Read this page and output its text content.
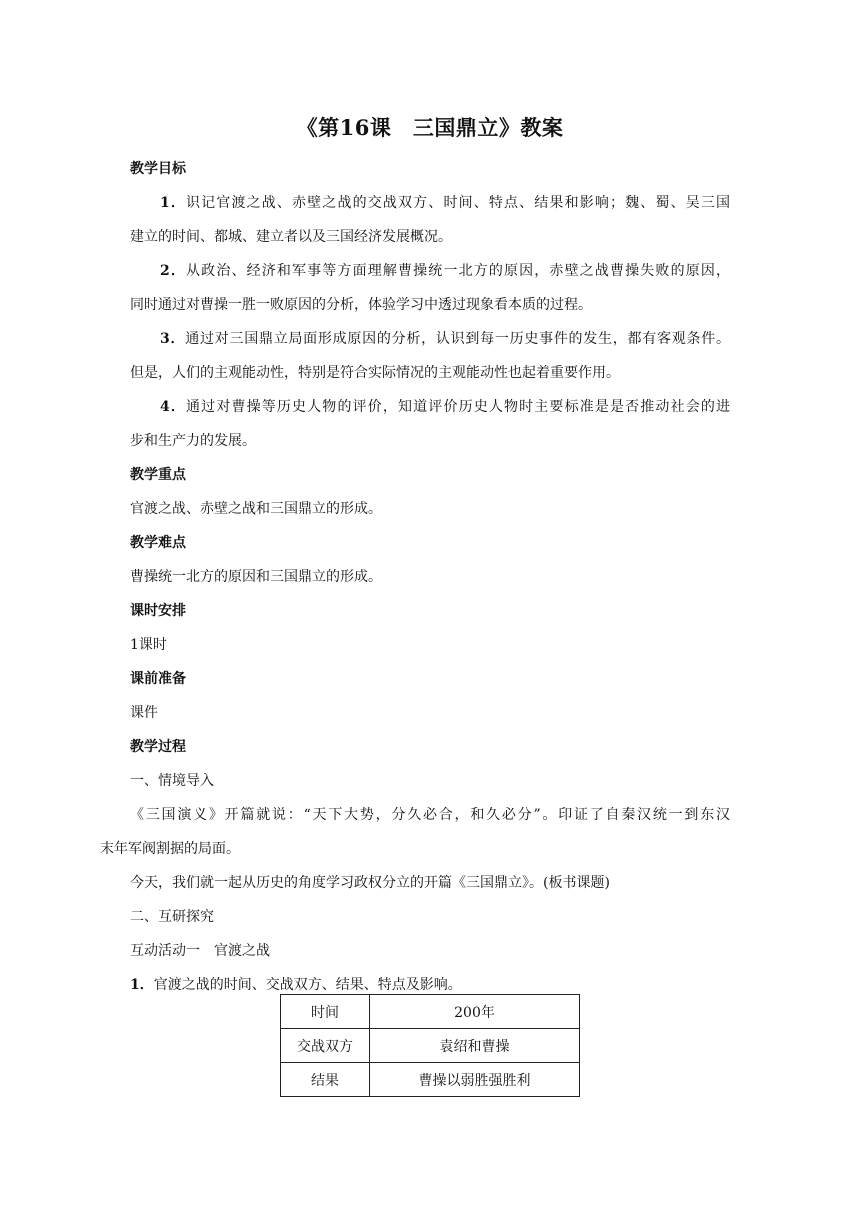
《第16课　三国鼎立》教案
教学目标
1．识记官渡之战、赤壁之战的交战双方、时间、特点、结果和影响；魏、蜀、吴三国
建立的时间、都城、建立者以及三国经济发展概况。
2．从政治、经济和军事等方面理解曹操统一北方的原因，赤壁之战曹操失败的原因，
同时通过对曹操一胜一败原因的分析，体验学习中透过现象看本质的过程。
3．通过对三国鼎立局面形成原因的分析，认识到每一历史事件的发生，都有客观条件。
但是，人们的主观能动性，特别是符合实际情况的主观能动性也起着重要作用。
4．通过对曹操等历史人物的评价，知道评价历史人物时主要标准是是否推动社会的进
步和生产力的发展。
教学重点
官渡之战、赤壁之战和三国鼎立的形成。
教学难点
曹操统一北方的原因和三国鼎立的形成。
课时安排
1课时
课前准备
课件
教学过程
一、情境导入
《三国演义》开篇就说：“天下大势，分久必合，和久必分”。印证了自秦汉统一到东汉
末年军阀割据的局面。
今天，我们就一起从历史的角度学习政权分立的开篇《三国鼎立》。(板书课题)
二、互研探究
互动活动一　官渡之战
1．官渡之战的时间、交战双方、结果、特点及影响。
时间	200年
交战双方	袁绍和曹操
结果	曹操以弱胜强胜利
